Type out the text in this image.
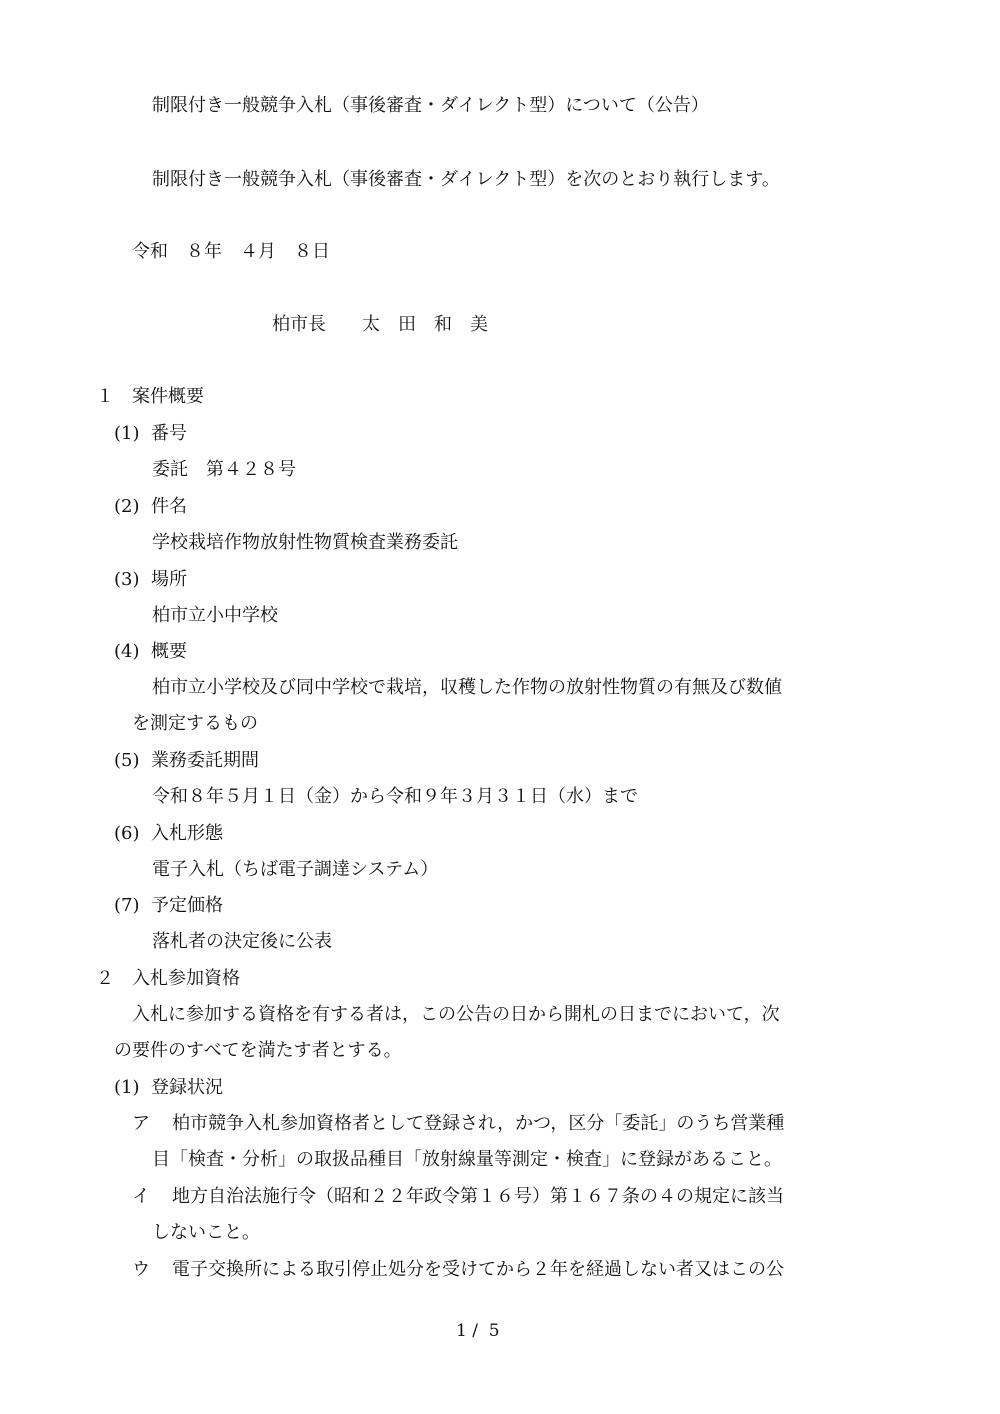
制限付き一般競争入札（事後審査・ダイレクト型）について（公告）
制限付き一般競争入札（事後審査・ダイレクト型）を次のとおり執行します。
令和　８年　４月　８日
柏市長　　太　田　和　美
１　案件概要
(1)  番号
委託　第４２８号
(2)  件名
学校栽培作物放射性物質検査業務委託
(3)  場所
柏市立小中学校
(4)  概要
柏市立小学校及び同中学校で栽培，収穫した作物の放射性物質の有無及び数値
を測定するもの
(5)  業務委託期間
令和８年５月１日（金）から令和９年３月３１日（水）まで
(6)  入札形態
電子入札（ちば電子調達システム）
(7)  予定価格
落札者の決定後に公表
２　入札参加資格
入札に参加する資格を有する者は，この公告の日から開札の日までにおいて，次
の要件のすべてを満たす者とする。
(1)  登録状況
ア 柏市競争入札参加資格者として登録され，かつ，区分「委託」のうち営業種
目「検査・分析」の取扱品種目「放射線量等測定・検査」に登録があること。
イ 地方自治法施行令（昭和２２年政令第１６号）第１６７条の４の規定に該当
しないこと。
ウ 電子交換所による取引停止処分を受けてから２年を経過しない者又はこの公
1 /  5
